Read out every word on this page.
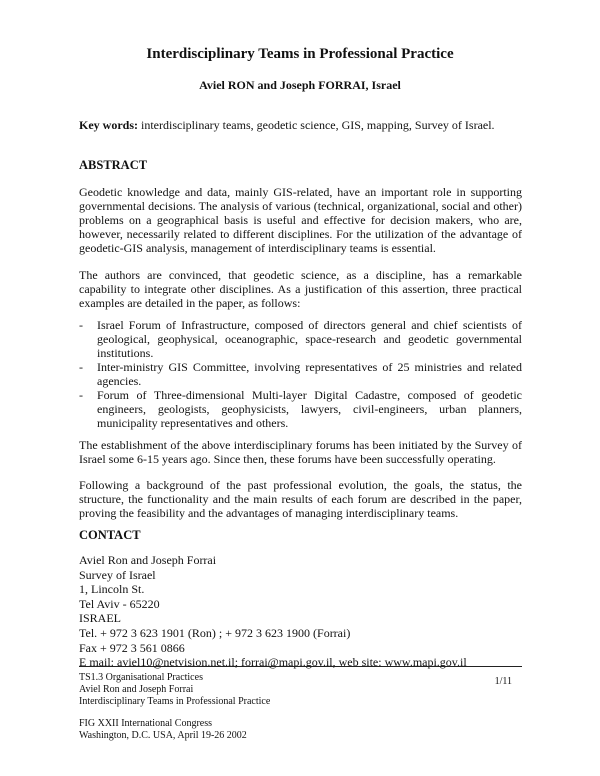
Interdisciplinary Teams in Professional Practice
Aviel RON and Joseph FORRAI, Israel
Key words: interdisciplinary teams, geodetic science, GIS, mapping, Survey of Israel.
ABSTRACT

Geodetic knowledge and data, mainly GIS-related, have an important role in supporting governmental decisions. The analysis of various (technical, organizational, social and other) problems on a geographical basis is useful and effective for decision makers, who are, however, necessarily related to different disciplines. For the utilization of the advantage of geodetic-GIS analysis, management of interdisciplinary teams is essential.

The authors are convinced, that geodetic science, as a discipline, has a remarkable capability to integrate other disciplines. As a justification of this assertion, three practical examples are detailed in the paper, as follows:

- Israel Forum of Infrastructure, composed of directors general and chief scientists of geological, geophysical, oceanographic, space-research and geodetic governmental institutions.
- Inter-ministry GIS Committee, involving representatives of 25 ministries and related agencies.
- Forum of Three-dimensional Multi-layer Digital Cadastre, composed of geodetic engineers, geologists, geophysicists, lawyers, civil-engineers, urban planners, municipality representatives and others.

The establishment of the above interdisciplinary forums has been initiated by the Survey of Israel some 6-15 years ago. Since then, these forums have been successfully operating.

Following a background of the past professional evolution, the goals, the status, the structure, the functionality and the main results of each forum are described in the paper, proving the feasibility and the advantages of managing interdisciplinary teams.

CONTACT
Aviel Ron and Joseph Forrai
Survey of Israel
1, Lincoln St.
Tel Aviv - 65220
ISRAEL
Tel. + 972 3 623 1901 (Ron) ; + 972 3 623 1900 (Forrai)
Fax + 972 3 561 0866
E mail: aviel10@netvision.net.il; forrai@mapi.gov.il, web site: www.mapi.gov.il
TS1.3 Organisational Practices
Aviel Ron and Joseph Forrai
Interdisciplinary Teams in Professional Practice
1/11
FIG XXII International Congress
Washington, D.C. USA, April 19-26 2002
